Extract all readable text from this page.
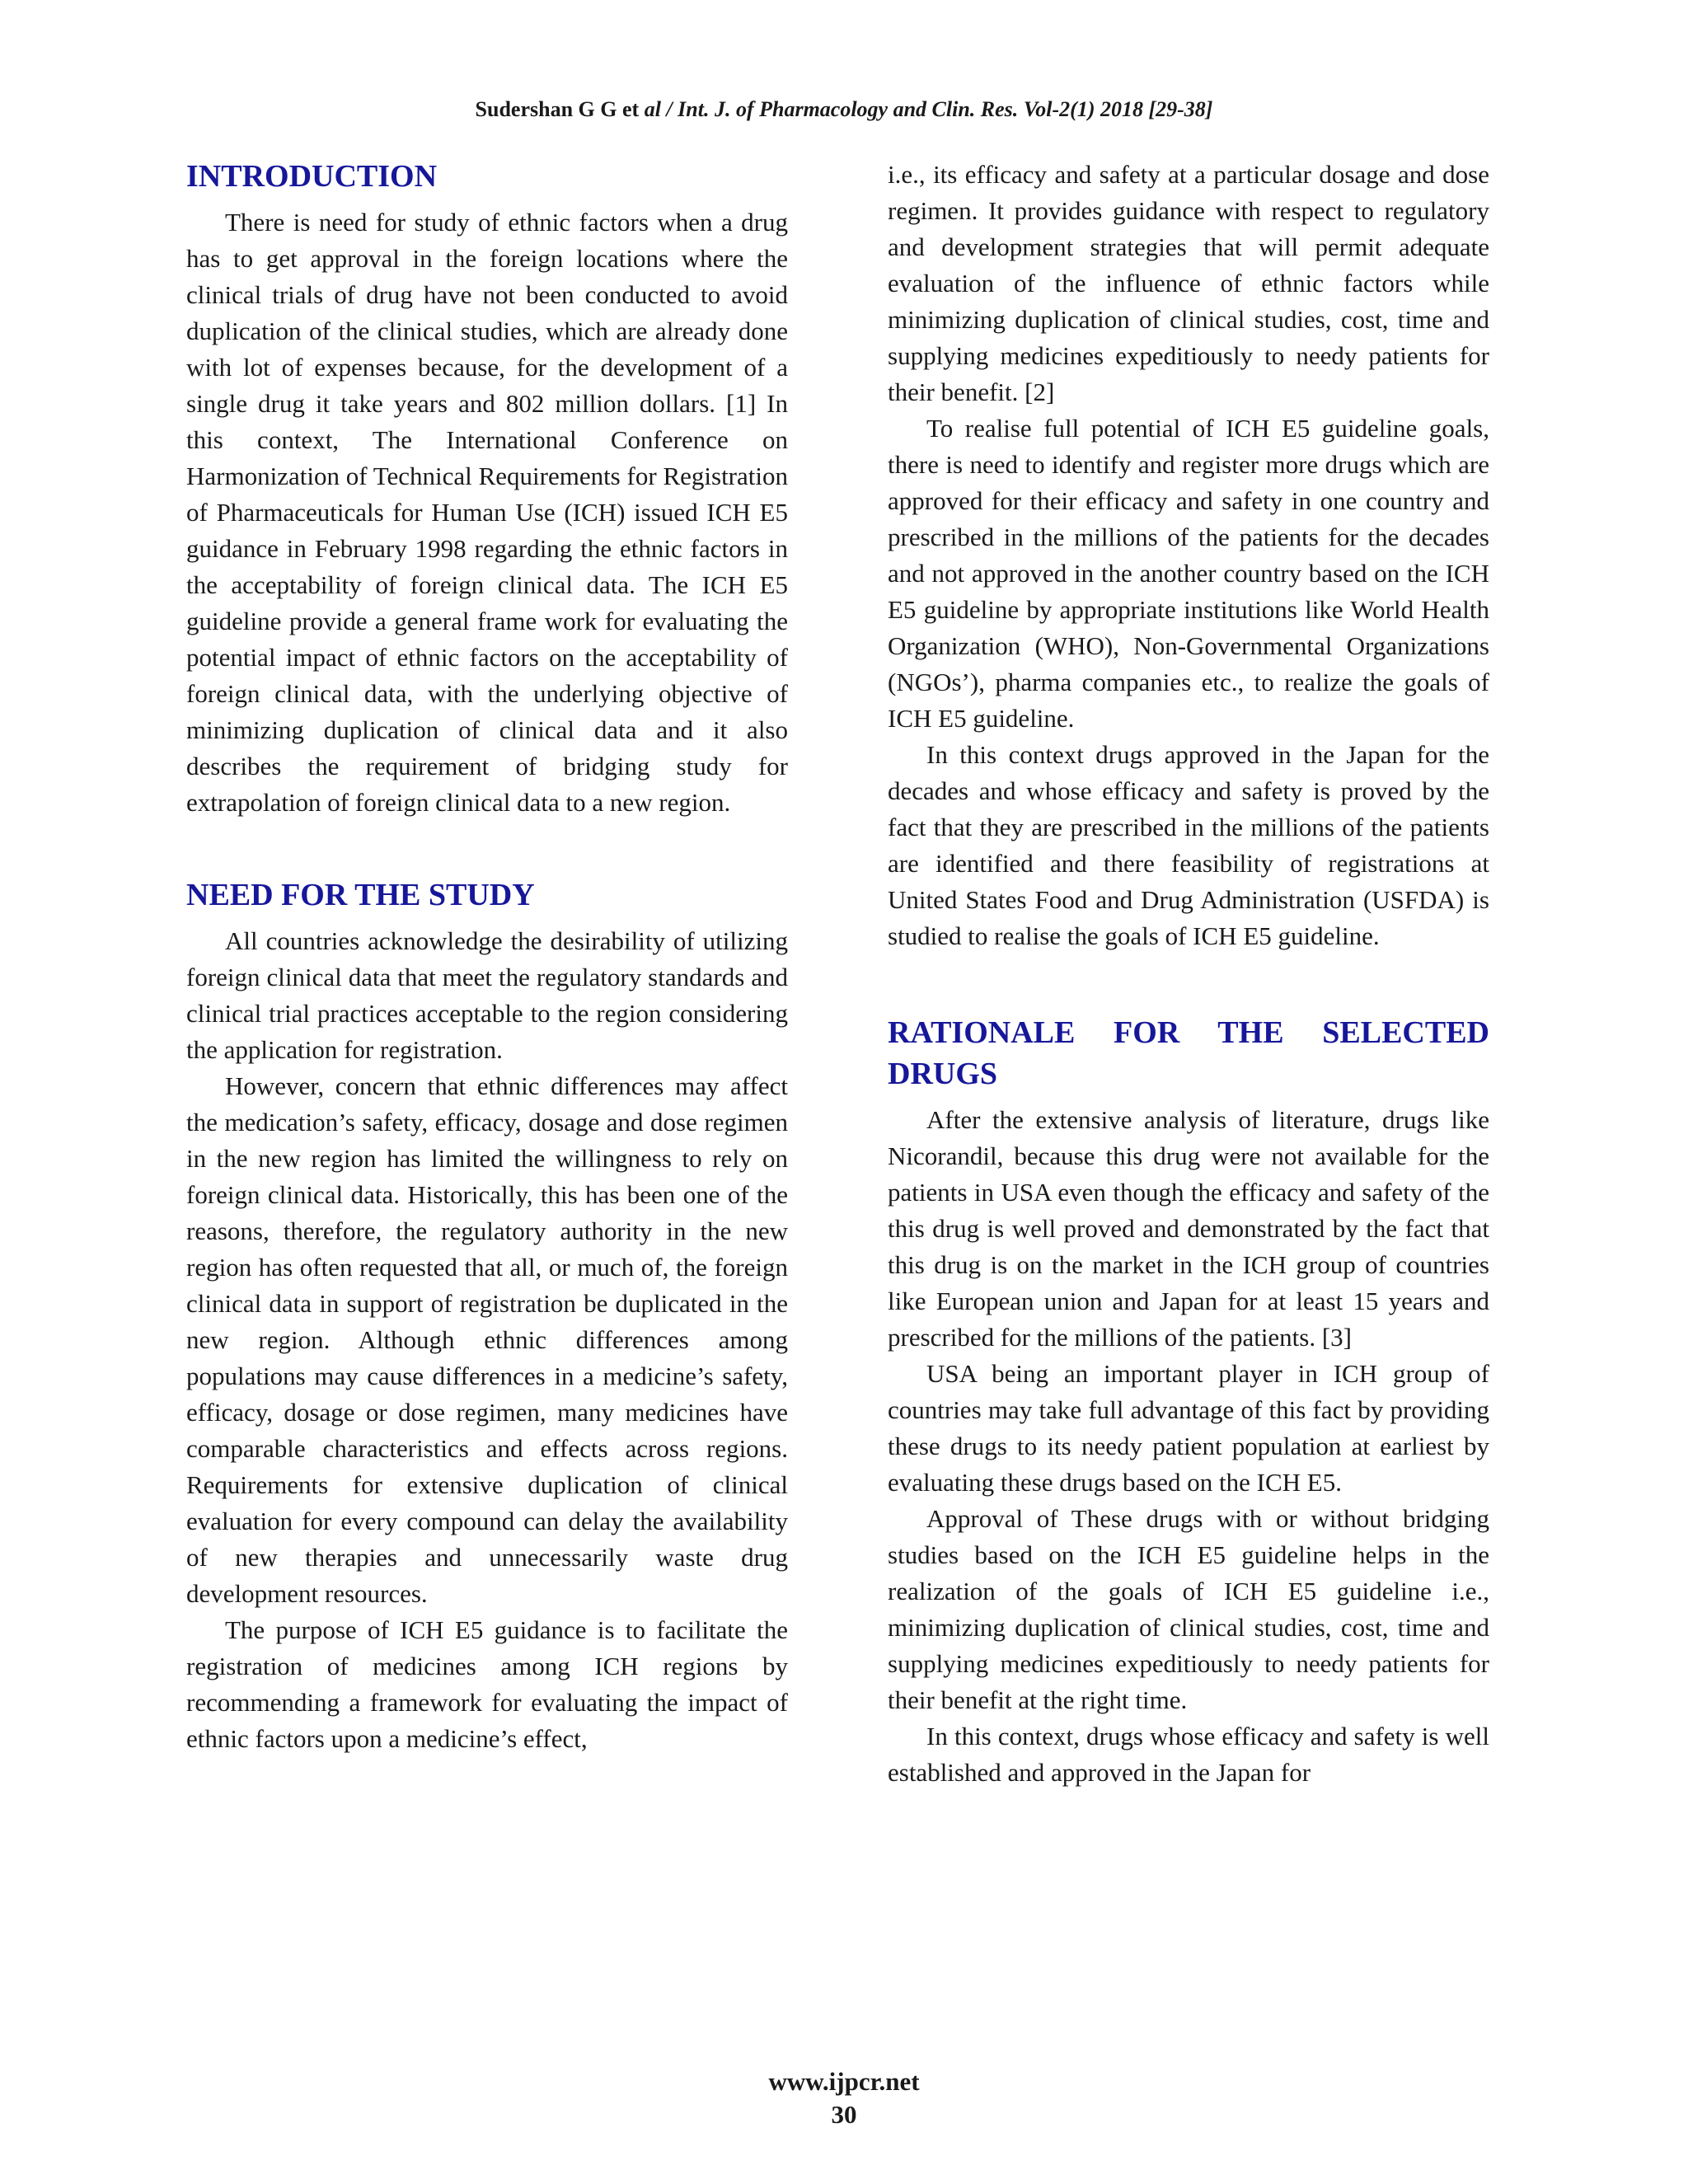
Sudershan G G et al / Int. J. of Pharmacology and Clin. Res. Vol-2(1) 2018 [29-38]
INTRODUCTION

There is need for study of ethnic factors when a drug has to get approval in the foreign locations where the clinical trials of drug have not been conducted to avoid duplication of the clinical studies, which are already done with lot of expenses because, for the development of a single drug it take years and 802 million dollars. [1] In this context, The International Conference on Harmonization of Technical Requirements for Registration of Pharmaceuticals for Human Use (ICH) issued ICH E5 guidance in February 1998 regarding the ethnic factors in the acceptability of foreign clinical data. The ICH E5 guideline provide a general frame work for evaluating the potential impact of ethnic factors on the acceptability of foreign clinical data, with the underlying objective of minimizing duplication of clinical data and it also describes the requirement of bridging study for extrapolation of foreign clinical data to a new region.

NEED FOR THE STUDY

All countries acknowledge the desirability of utilizing foreign clinical data that meet the regulatory standards and clinical trial practices acceptable to the region considering the application for registration.

However, concern that ethnic differences may affect the medication’s safety, efficacy, dosage and dose regimen in the new region has limited the willingness to rely on foreign clinical data. Historically, this has been one of the reasons, therefore, the regulatory authority in the new region has often requested that all, or much of, the foreign clinical data in support of registration be duplicated in the new region. Although ethnic differences among populations may cause differences in a medicine’s safety, efficacy, dosage or dose regimen, many medicines have comparable characteristics and effects across regions. Requirements for extensive duplication of clinical evaluation for every compound can delay the availability of new therapies and unnecessarily waste drug development resources.

The purpose of ICH E5 guidance is to facilitate the registration of medicines among ICH regions by recommending a framework for evaluating the impact of ethnic factors upon a medicine’s effect,

i.e., its efficacy and safety at a particular dosage and dose regimen. It provides guidance with respect to regulatory and development strategies that will permit adequate evaluation of the influence of ethnic factors while minimizing duplication of clinical studies, cost, time and supplying medicines expeditiously to needy patients for their benefit. [2]

To realise full potential of ICH E5 guideline goals, there is need to identify and register more drugs which are approved for their efficacy and safety in one country and prescribed in the millions of the patients for the decades and not approved in the another country based on the ICH E5 guideline by appropriate institutions like World Health Organization (WHO), Non-Governmental Organizations (NGOs’), pharma companies etc., to realize the goals of ICH E5 guideline.

In this context drugs approved in the Japan for the decades and whose efficacy and safety is proved by the fact that they are prescribed in the millions of the patients are identified and there feasibility of registrations at United States Food and Drug Administration (USFDA) is studied to realise the goals of ICH E5 guideline.

RATIONALE FOR THE SELECTED
DRUGS

After the extensive analysis of literature, drugs like Nicorandil, because this drug were not available for the patients in USA even though the efficacy and safety of the this drug is well proved and demonstrated by the fact that this drug is on the market in the ICH group of countries like European union and Japan for at least 15 years and prescribed for the millions of the patients. [3]

USA being an important player in ICH group of countries may take full advantage of this fact by providing these drugs to its needy patient population at earliest by evaluating these drugs based on the ICH E5.

Approval of These drugs with or without bridging studies based on the ICH E5 guideline helps in the realization of the goals of ICH E5 guideline i.e., minimizing duplication of clinical studies, cost, time and supplying medicines expeditiously to needy patients for their benefit at the right time.

In this context, drugs whose efficacy and safety is well established and approved in the Japan for

www.ijpcr.net
30
